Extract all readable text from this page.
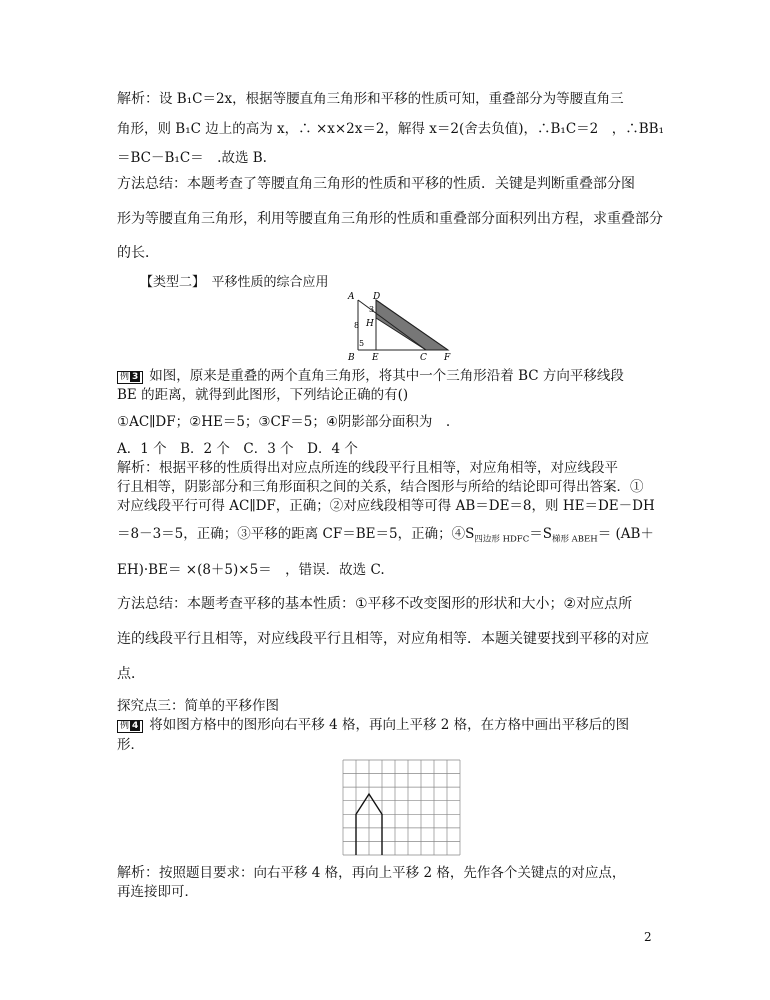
解析：设 B₁C＝2x，根据等腰直角三角形和平移的性质可知，重叠部分为等腰直角三
角形，则 B₁C 边上的高为 x，∴ ×x×2x＝2，解得 x＝2(舍去负值)，∴B₁C＝2　，∴BB₁
＝BC－B₁C＝　.故选 B.
方法总结：本题考查了等腰直角三角形的性质和平移的性质．关键是判断重叠部分图
形为等腰直角三角形，利用等腰直角三角形的性质和重叠部分面积列出方程，求重叠部分
的长．
【类型二】　平移性质的综合应用
A D
3
8 H
5
B E	C F
例 3 如图，原来是重叠的两个直角三角形，将其中一个三角形沿着 BC 方向平移线段
BE 的距离，就得到此图形，下列结论正确的有()
①AC∥DF；②HE＝5；③CF＝5；④阴影部分面积为　.
A．1 个　B．2 个　C．3 个　D．4 个
解析：根据平移的性质得出对应点所连的线段平行且相等，对应角相等，对应线段平
行且相等，阴影部分和三角形面积之间的关系，结合图形与所给的结论即可得出答案．①
对应线段平行可得 AC∥DF，正确；②对应线段相等可得 AB＝DE＝8，则 HE＝DE－DH
＝8－3＝5，正确；③平移的距离 CF＝BE＝5，正确；$④S_{四边形 HDFC}=S_{梯形 ABEH}= (AB+$
EH)·BE＝ ×(8＋5)×5＝　，错误．故选 C.
方法总结：本题考查平移的基本性质：①平移不改变图形的形状和大小；②对应点所
连的线段平行且相等，对应线段平行且相等，对应角相等．本题关键要找到平移的对应
点．
探究点三：简单的平移作图
例 4 将如图方格中的图形向右平移 4 格，再向上平移 2 格，在方格中画出平移后的图
形．
解析：按照题目要求：向右平移 4 格，再向上平移 2 格，先作各个关键点的对应点，
再连接即可．
2
